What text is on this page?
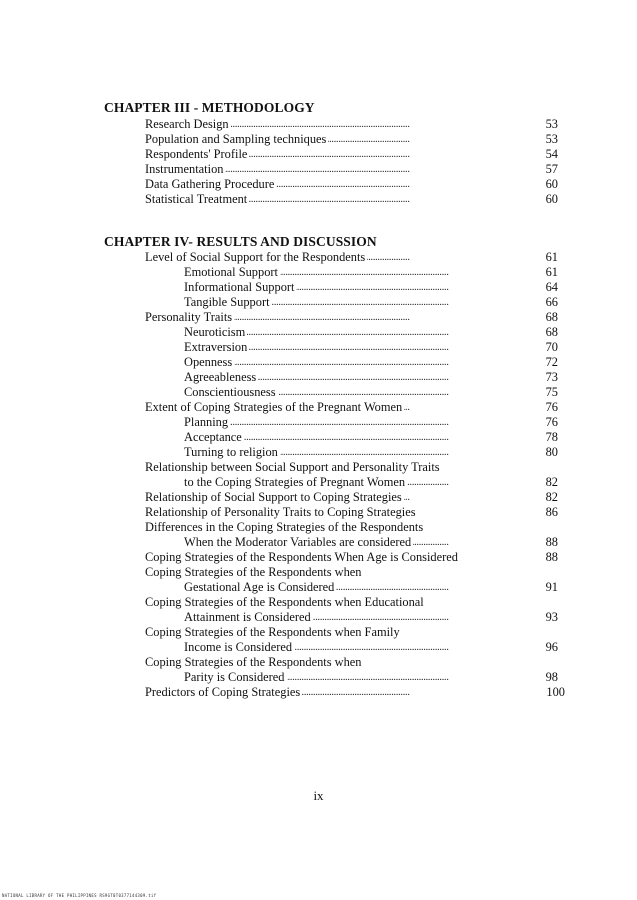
CHAPTER III - METHODOLOGY
. . .
Research Design	53
. . .
Population and Sampling techniques	53
. . .
Respondents' Profile	54
. . .
Instrumentation	57
. . .
Data Gathering Procedure	60
. . .
Statistical Treatment	60
CHAPTER IV- RESULTS AND DISCUSSION
. . .
Level of Social Support for the Respondents	61
. . .
Emotional Support	61
. . .
Informational Support	64
. . .
Tangible Support	66
. . .
Personality Traits	68
. . .
Neuroticism	68
. . .
Extraversion	70
. . .
Openness	72
. . .
Agreeableness	73
. . .
Conscientiousness	75
. . .
Extent of Coping Strategies of the Pregnant Women	76
. . .
Planning	76
. . .
Acceptance	78
. . .
Turning to religion	80
Relationship between Social Support and Personality Traits
. . .
to the Coping Strategies of Pregnant Women	82
. . .
Relationship of Social Support to Coping Strategies	82
. . .
Relationship of Personality Traits to Coping Strategies	86
Differences in the Coping Strategies of the Respondents
. . .
When the Moderator Variables are considered	88
. . .
Coping Strategies of the Respondents When Age is Considered	88
Coping Strategies of the Respondents when
. . .
Gestational Age is Considered	91
Coping Strategies of the Respondents when Educational
. . .
Attainment is Considered	93
Coping Strategies of the Respondents when Family
. . .
Income is Considered	96
Coping Strategies of the Respondents when
. . .
Parity is Considered	98
. . .
Predictors of Coping Strategies	100
ix
NATIONAL LIBRARY OF THE PHILIPPINES RS9GT0T0377144309.tif
